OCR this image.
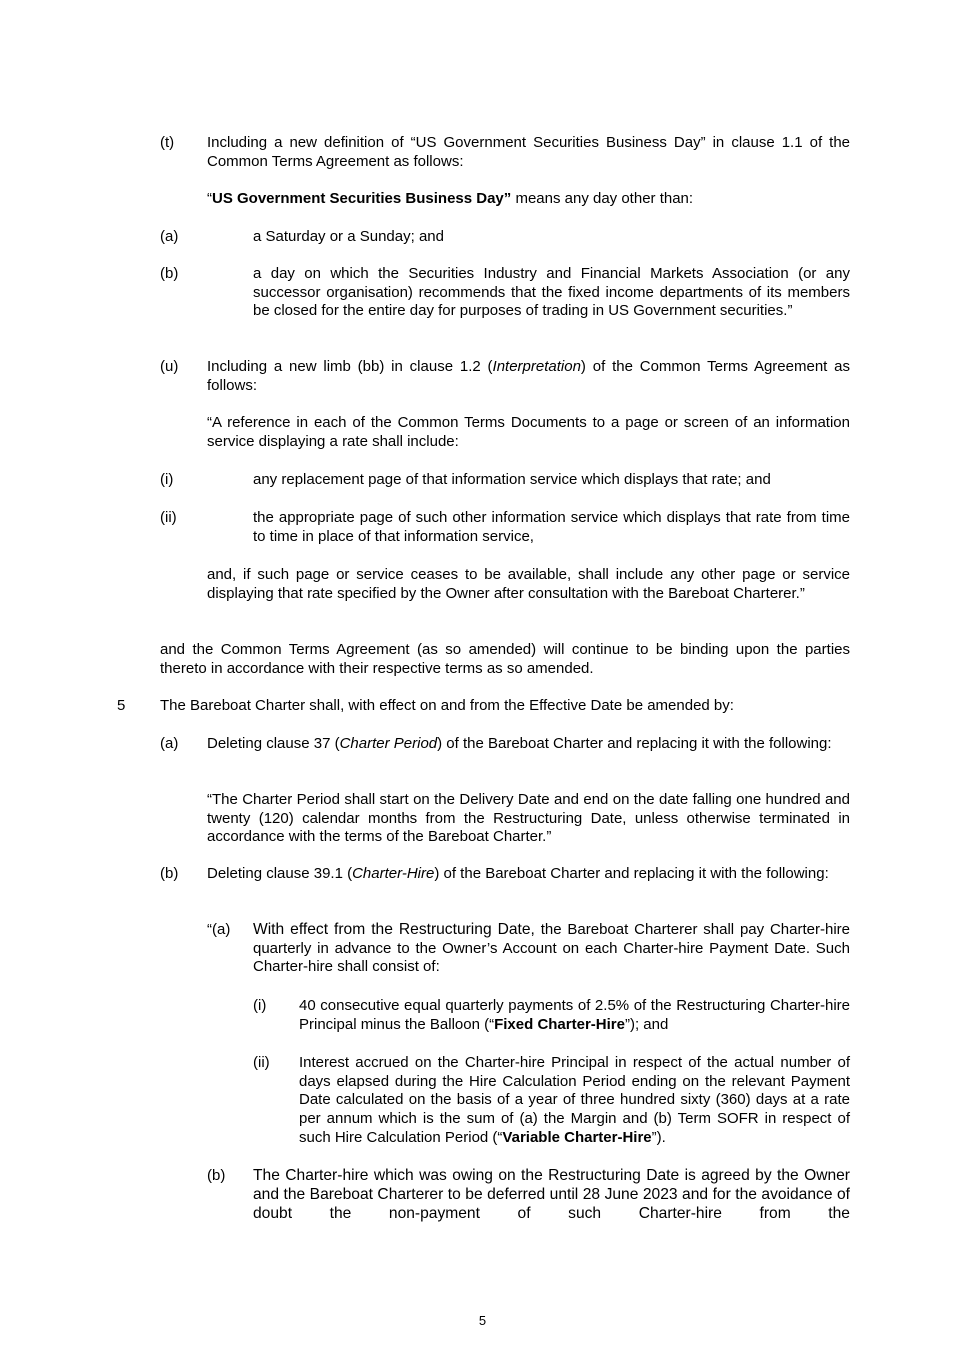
(t) Including a new definition of “US Government Securities Business Day” in clause 1.1 of the Common Terms Agreement as follows:
“US Government Securities Business Day” means any day other than:
(a)	a Saturday or a Sunday; and
(b)	a day on which the Securities Industry and Financial Markets Association (or any successor organisation) recommends that the fixed income departments of its members be closed for the entire day for purposes of trading in US Government securities.”
(u) Including a new limb (bb) in clause 1.2 (Interpretation) of the Common Terms Agreement as follows:
“A reference in each of the Common Terms Documents to a page or screen of an information service displaying a rate shall include:
(i)	any replacement page of that information service which displays that rate; and
(ii)	the appropriate page of such other information service which displays that rate from time to time in place of that information service,
and, if such page or service ceases to be available, shall include any other page or service displaying that rate specified by the Owner after consultation with the Bareboat Charterer.”
and the Common Terms Agreement (as so amended) will continue to be binding upon the parties thereto in accordance with their respective terms as so amended.
5 The Bareboat Charter shall, with effect on and from the Effective Date be amended by:
(a) Deleting clause 37 (Charter Period) of the Bareboat Charter and replacing it with the following:
“The Charter Period shall start on the Delivery Date and end on the date falling one hundred and twenty (120) calendar months from the Restructuring Date, unless otherwise terminated in accordance with the terms of the Bareboat Charter.”
(b) Deleting clause 39.1 (Charter-Hire) of the Bareboat Charter and replacing it with the following:
“(a) With effect from the Restructuring Date, the Bareboat Charterer shall pay Charter-hire quarterly in advance to the Owner’s Account on each Charter-hire Payment Date. Such Charter-hire shall consist of:
(i) 40 consecutive equal quarterly payments of 2.5% of the Restructuring Charter-hire Principal minus the Balloon (“Fixed Charter-Hire”); and
(ii) Interest accrued on the Charter-hire Principal in respect of the actual number of days elapsed during the Hire Calculation Period ending on the relevant Payment Date calculated on the basis of a year of three hundred sixty (360) days at a rate per annum which is the sum of (a) the Margin and (b) Term SOFR in respect of such Hire Calculation Period (“Variable Charter-Hire”).
(b) The Charter-hire which was owing on the Restructuring Date is agreed by the Owner and the Bareboat Charterer to be deferred until 28 June 2023 and for the avoidance of doubt the non-payment of such Charter-hire from the
5
